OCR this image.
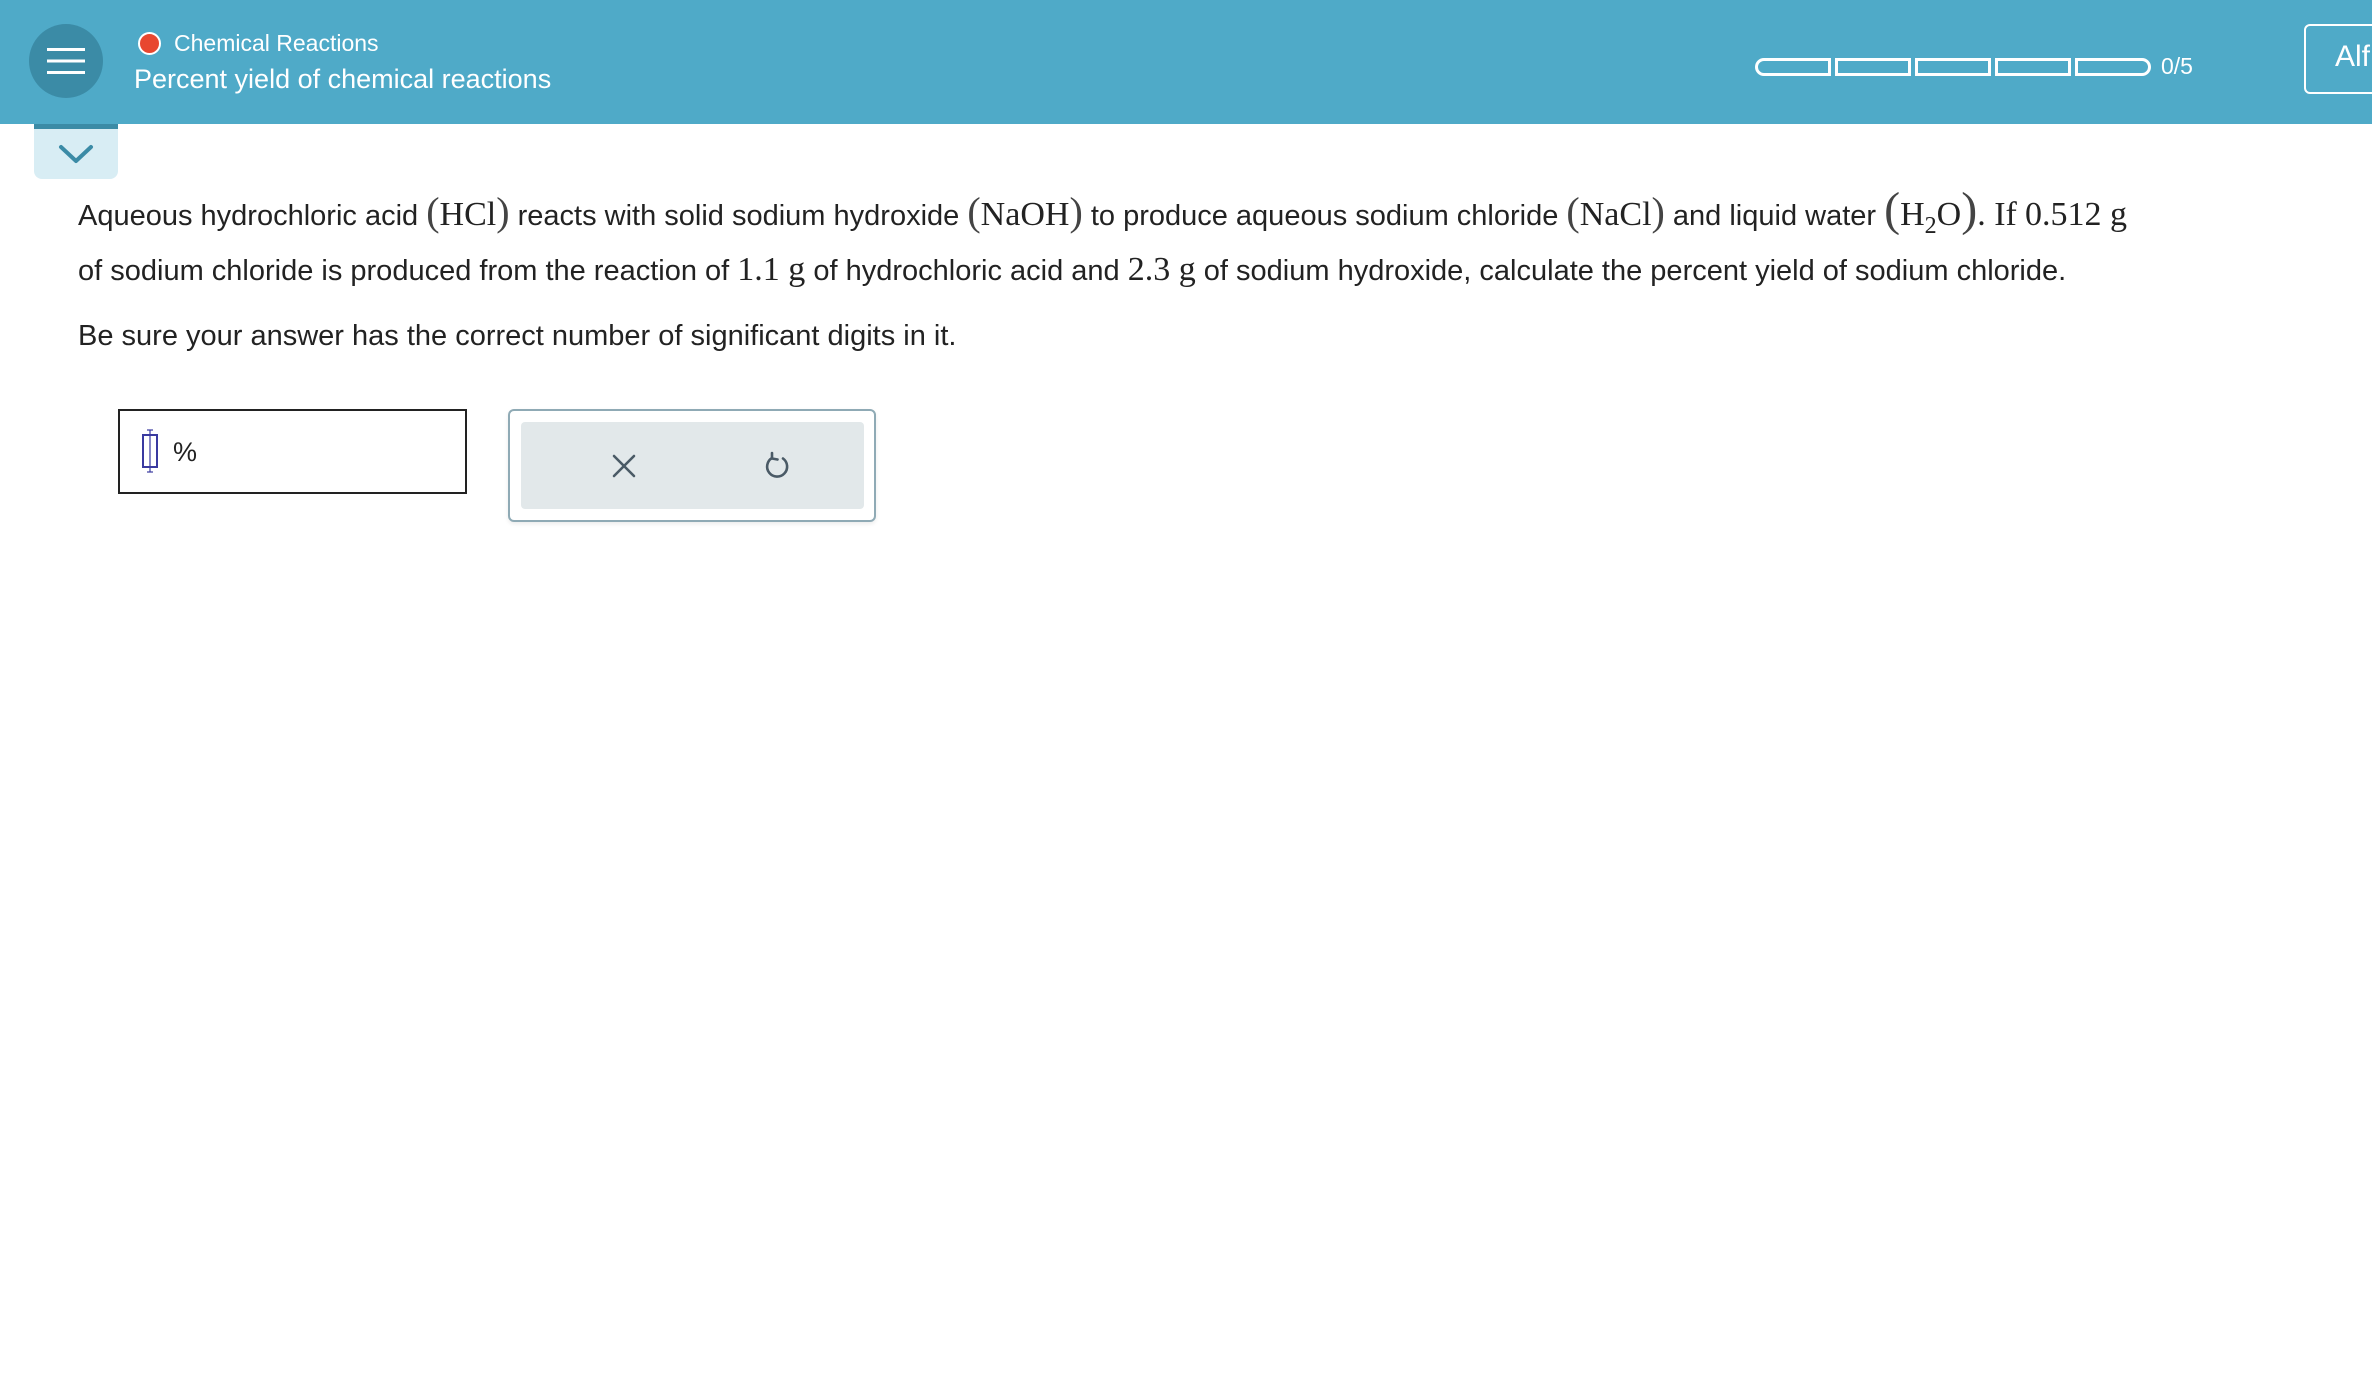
Chemical Reactions
Percent yield of chemical reactions	0/5	Alf
Aqueous hydrochloric acid (HCl) reacts with solid sodium hydroxide (NaOH) to produce aqueous sodium chloride (NaCl) and liquid water $(H_2O)$. If 0.512 g
of sodium chloride is produced from the reaction of 1.1 g of hydrochloric acid and 2.3 g of sodium hydroxide, calculate the percent yield of sodium chloride.
Be sure your answer has the correct number of significant digits in it.
%
